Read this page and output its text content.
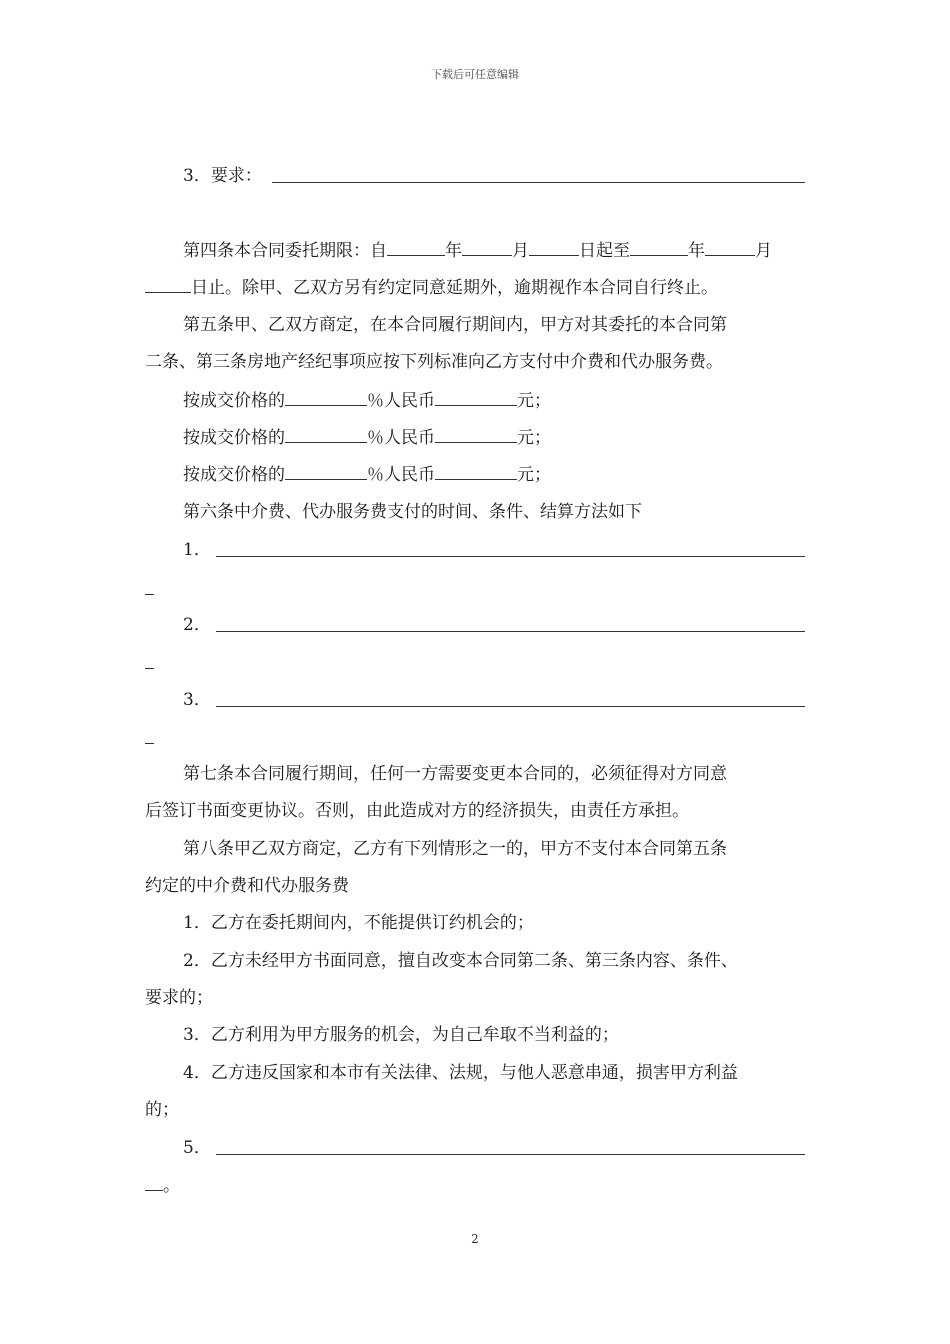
下载后可任意编辑
3．要求：
第四条本合同委托期限：自	年	月	日起至	年	月
日止。除甲、乙双方另有约定同意延期外，逾期视作本合同自行终止。
第五条甲、乙双方商定，在本合同履行期间内，甲方对其委托的本合同第
二条、第三条房地产经纪事项应按下列标准向乙方支付中介费和代办服务费。
按成交价格的	％人民币	元；
按成交价格的	％人民币	元；
按成交价格的	％人民币	元；
第六条中介费、代办服务费支付的时间、条件、结算方法如下
1．
2．
3．
第七条本合同履行期间，任何一方需要变更本合同的，必须征得对方同意
后签订书面变更协议。否则，由此造成对方的经济损失，由责任方承担。
第八条甲乙双方商定，乙方有下列情形之一的，甲方不支付本合同第五条
约定的中介费和代办服务费
1．乙方在委托期间内，不能提供订约机会的；
2．乙方未经甲方书面同意，擅自改变本合同第二条、第三条内容、条件、
要求的；
3．乙方利用为甲方服务的机会，为自己牟取不当利益的；
4．乙方违反国家和本市有关法律、法规，与他人恶意串通，损害甲方利益
的；
5．
。
2
